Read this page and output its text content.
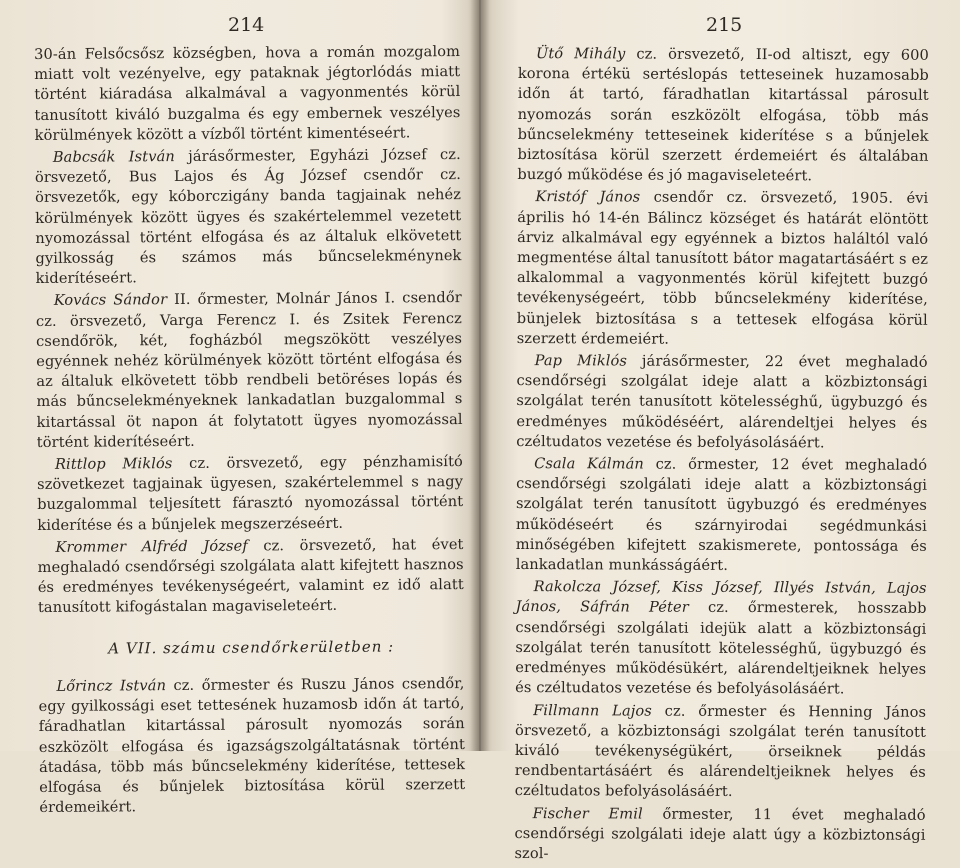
214

30-án Felsőcsősz községben, hova a román mozgalom miatt volt vezényelve, egy pataknak jégtorlódás miatt történt kiáradása alkalmával a vagyonmentés körül tanusított kiváló buzgalma és egy embernek veszélyes körülmények között a vízből történt kimentéseért.

Babcsák István járásőrmester, Egyházi József cz. örsvezető, Bus Lajos és Ág József csendőr cz. örsvezetők, egy kóborczigány banda tagjainak nehéz körülmények között ügyes és szakértelemmel vezetett nyomozással történt elfogása és az általuk elkövetett gyilkosság és számos más bűncselekménynek kiderítéseért.

Kovács Sándor II. őrmester, Molnár János I. csendőr cz. örsvezető, Varga Ferencz I. és Zsitek Ferencz csendőrök, két, fogházból megszökött veszélyes egyénnek nehéz körülmények között történt elfogása és az általuk elkövetett több rendbeli betöréses lopás és más bűncselekményeknek lankadatlan buzgalommal s kitartással öt napon át folytatott ügyes nyomozással történt kiderítéseért.

Rittlop Miklós cz. örsvezető, egy pénzhamisító szövetkezet tagjainak ügyesen, szakértelemmel s nagy buzgalommal teljesített fárasztó nyomozással történt kiderítése és a bűnjelek megszerzéseért.

Krommer Alfréd József cz. örsvezető, hat évet meghaladó csendőrségi szolgálata alatt kifejtett hasznos és eredményes tevékenységeért, valamint ez idő alatt tanusított kifogástalan magaviseleteért.

A VII. számu csendőrkerületben :

Lőrincz István cz. őrmester és Ruszu János csendőr, egy gyilkossági eset tettesének huzamosb időn át tartó, fáradhatlan kitartással párosult nyomozás során eszközölt elfogása és igazságszolgáltatásnak történt átadása, több más bűncselekmény kiderítése, tettesek elfogása és bűnjelek biztosítása körül szerzett érdemeikért.

215

Ütő Mihály cz. örsvezető, II-od altiszt, egy 600 korona értékü sertéslopás tetteseinek huzamosabb időn át tartó, fáradhatlan kitartással párosult nyomozás során eszközölt elfogása, több más bűncselekmény tetteseinek kiderítése s a bűnjelek biztosítása körül szerzett érdemeiért és általában buzgó működése és jó magaviseleteért.

Kristóf János csendőr cz. örsvezető, 1905. évi április hó 14-én Bálincz községet és határát elöntött árviz alkalmával egy egyénnek a biztos haláltól való megmentése által tanusított bátor magatartásáért s ez alkalommal a vagyonmentés körül kifejtett buzgó tevékenységeért, több bűncselekmény kiderítése, bünjelek biztosítása s a tettesek elfogása körül szerzett érdemeiért.

Pap Miklós járásőrmester, 22 évet meghaladó csendőrségi szolgálat ideje alatt a közbiztonsági szolgálat terén tanusított kötelességhű, ügybuzgó és eredményes működéséért, alárendeltjei helyes és czéltudatos vezetése és befolyásolásáért.

Csala Kálmán cz. őrmester, 12 évet meghaladó csendőrségi szolgálati ideje alatt a közbiztonsági szolgálat terén tanusított ügybuzgó és eredményes működéseért és szárnyirodai segédmunkási minőségében kifejtett szakismerete, pontossága és lankadatlan munkásságáért.

Rakolcza József, Kiss József, Illyés István, Lajos János, Sáfrán Péter cz. őrmesterek, hosszabb csendőrségi szolgálati idejük alatt a közbiztonsági szolgálat terén tanusított kötelességhű, ügybuzgó és eredményes működésükért, alárendeltjeiknek helyes és czéltudatos vezetése és befolyásolásáért.

Fillmann Lajos cz. őrmester és Henning János örsvezető, a közbiztonsági szolgálat terén tanusított kiváló tevékenységükért, örseiknek példás rendbentartásáért és alárendeltjeiknek helyes és czéltudatos befolyásolásáért.

Fischer Emil őrmester, 11 évet meghaladó csendőrségi szolgálati ideje alatt úgy a közbiztonsági szol-
